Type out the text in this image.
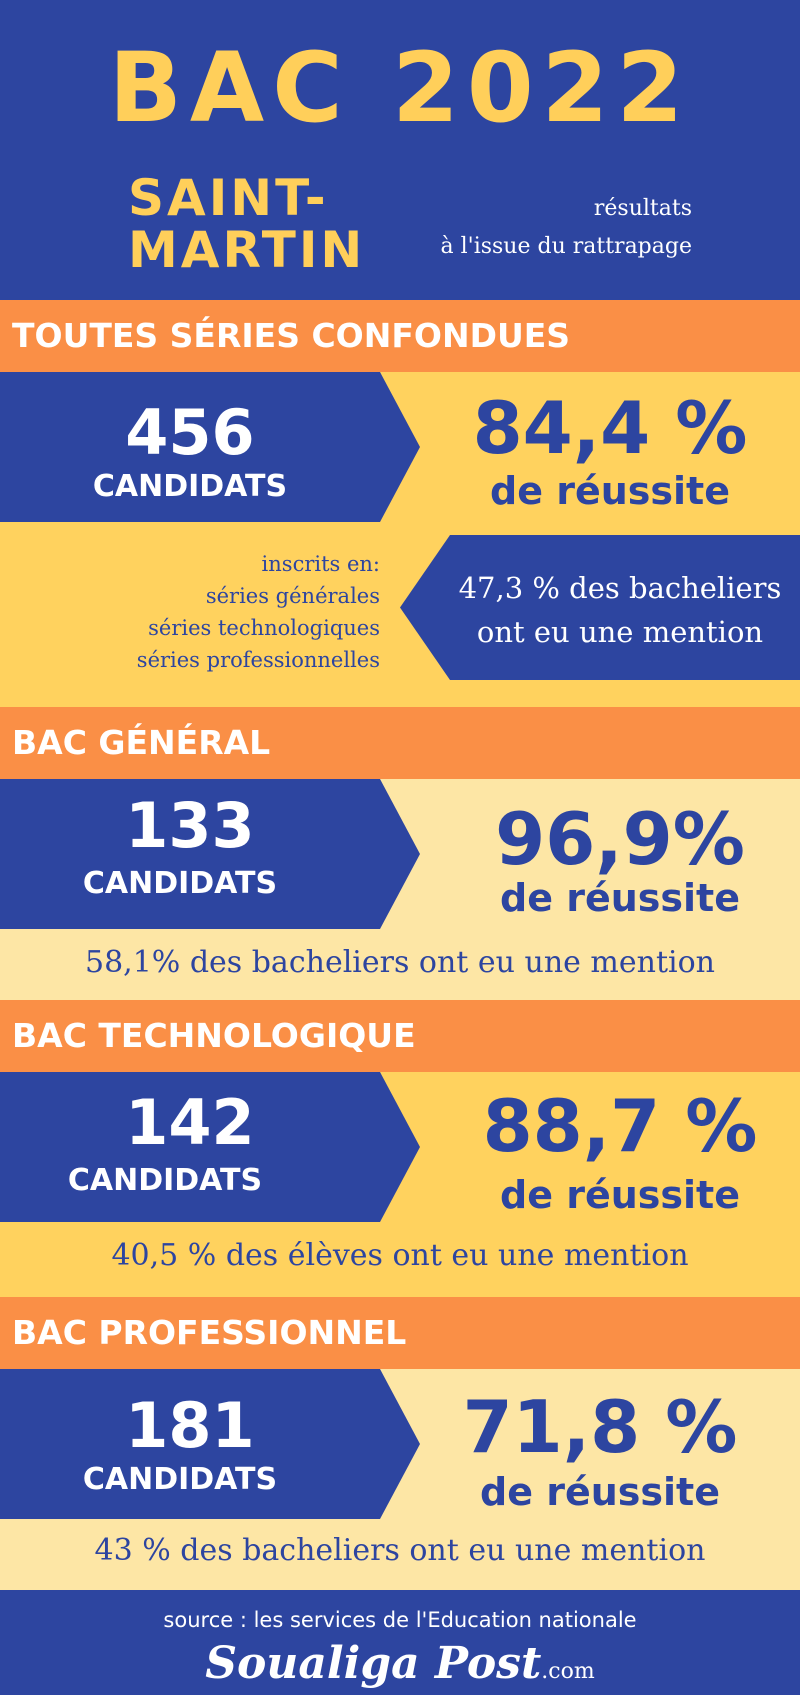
BAC 2022
SAINT-
MARTIN
résultats
à l'issue du rattrapage
TOUTES SÉRIES CONFONDUES
456
CANDIDATS
84,4 %
de réussite
inscrits en:
séries générales
séries technologiques
séries professionnelles
47,3 % des bacheliers
ont eu une mention
BAC GÉNÉRAL
133
CANDIDATS
96,9%
de réussite
58,1% des bacheliers ont eu une mention
BAC TECHNOLOGIQUE
142
CANDIDATS
88,7 %
de réussite
40,5 % des élèves ont eu une mention
BAC PROFESSIONNEL
181
CANDIDATS
71,8 %
de réussite
43 % des bacheliers ont eu une mention
source : les services de l'Education nationale
Soualiga Post.com
